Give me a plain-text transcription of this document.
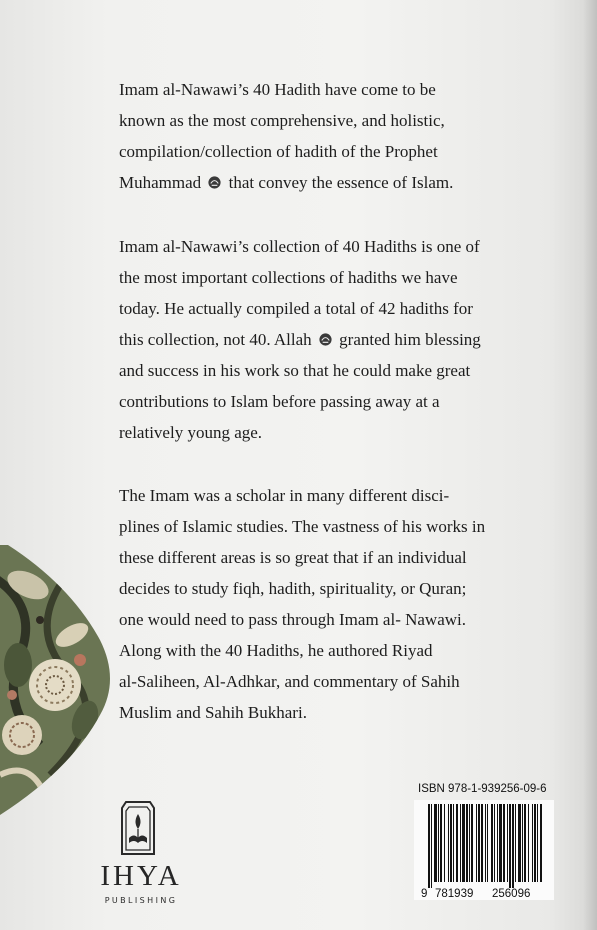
Imam al-Nawawi’s 40 Hadith have come to be
known as the most comprehensive, and holistic,
compilation/collection of hadith of the Prophet
Muhammad that convey the essence of Islam.
Imam al-Nawawi’s collection of 40 Hadiths is one of
the most important collections of hadiths we have
today. He actually compiled a total of 42 hadiths for
this collection, not 40. Allah granted him blessing
and success in his work so that he could make great
contributions to Islam before passing away at a
relatively young age.
The Imam was a scholar in many different disci-
plines of Islamic studies. The vastness of his works in
these different areas is so great that if an individual
decides to study fiqh, hadith, spirituality, or Quran;
one would need to pass through Imam al- Nawawi.
Along with the 40 Hadiths, he authored Riyad
al-Saliheen, Al-Adhkar, and commentary of Sahih
Muslim and Sahih Bukhari.
IHYA
PUBLISHING
ISBN 978-1-939256-09-6
9 781939 256096
